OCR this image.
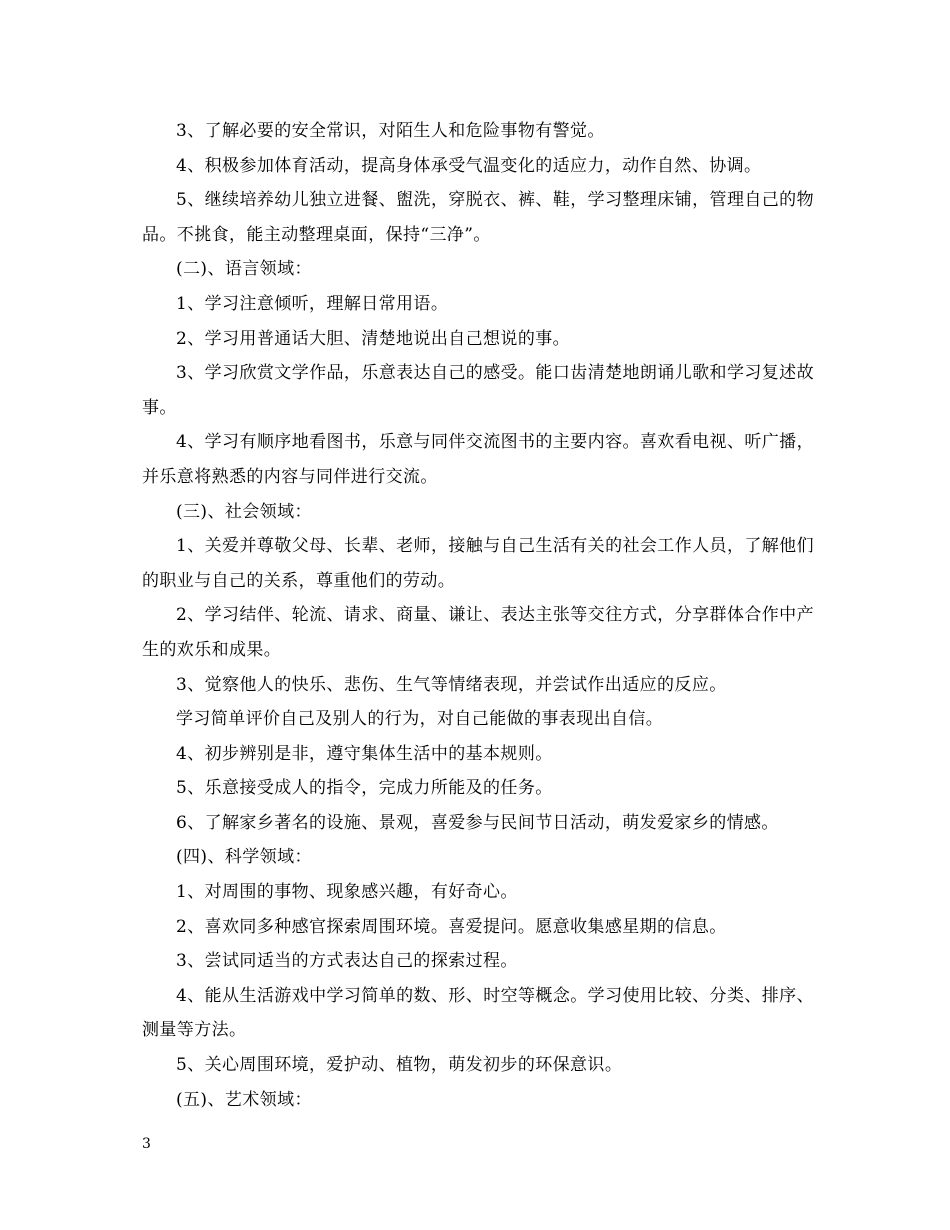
3、了解必要的安全常识，对陌生人和危险事物有警觉。

4、积极参加体育活动，提高身体承受气温变化的适应力，动作自然、协调。

5、继续培养幼儿独立进餐、盥洗，穿脱衣、裤、鞋，学习整理床铺，管理自己的物品。不挑食，能主动整理桌面，保持“三净”。

(二)、语言领域：

1、学习注意倾听，理解日常用语。

2、学习用普通话大胆、清楚地说出自己想说的事。

3、学习欣赏文学作品，乐意表达自己的感受。能口齿清楚地朗诵儿歌和学习复述故事。

4、学习有顺序地看图书，乐意与同伴交流图书的主要内容。喜欢看电视、听广播，并乐意将熟悉的内容与同伴进行交流。

(三)、社会领域：

1、关爱并尊敬父母、长辈、老师，接触与自己生活有关的社会工作人员，了解他们的职业与自己的关系，尊重他们的劳动。

2、学习结伴、轮流、请求、商量、谦让、表达主张等交往方式，分享群体合作中产生的欢乐和成果。

3、觉察他人的快乐、悲伤、生气等情绪表现，并尝试作出适应的反应。

学习简单评价自己及别人的行为，对自己能做的事表现出自信。

4、初步辨别是非，遵守集体生活中的基本规则。

5、乐意接受成人的指令，完成力所能及的任务。

6、了解家乡著名的设施、景观，喜爱参与民间节日活动，萌发爱家乡的情感。

(四)、科学领域：

1、对周围的事物、现象感兴趣，有好奇心。

2、喜欢同多种感官探索周围环境。喜爱提问。愿意收集感星期的信息。

3、尝试同适当的方式表达自己的探索过程。

4、能从生活游戏中学习简单的数、形、时空等概念。学习使用比较、分类、排序、测量等方法。

5、关心周围环境，爱护动、植物，萌发初步的环保意识。

(五)、艺术领域：

3
